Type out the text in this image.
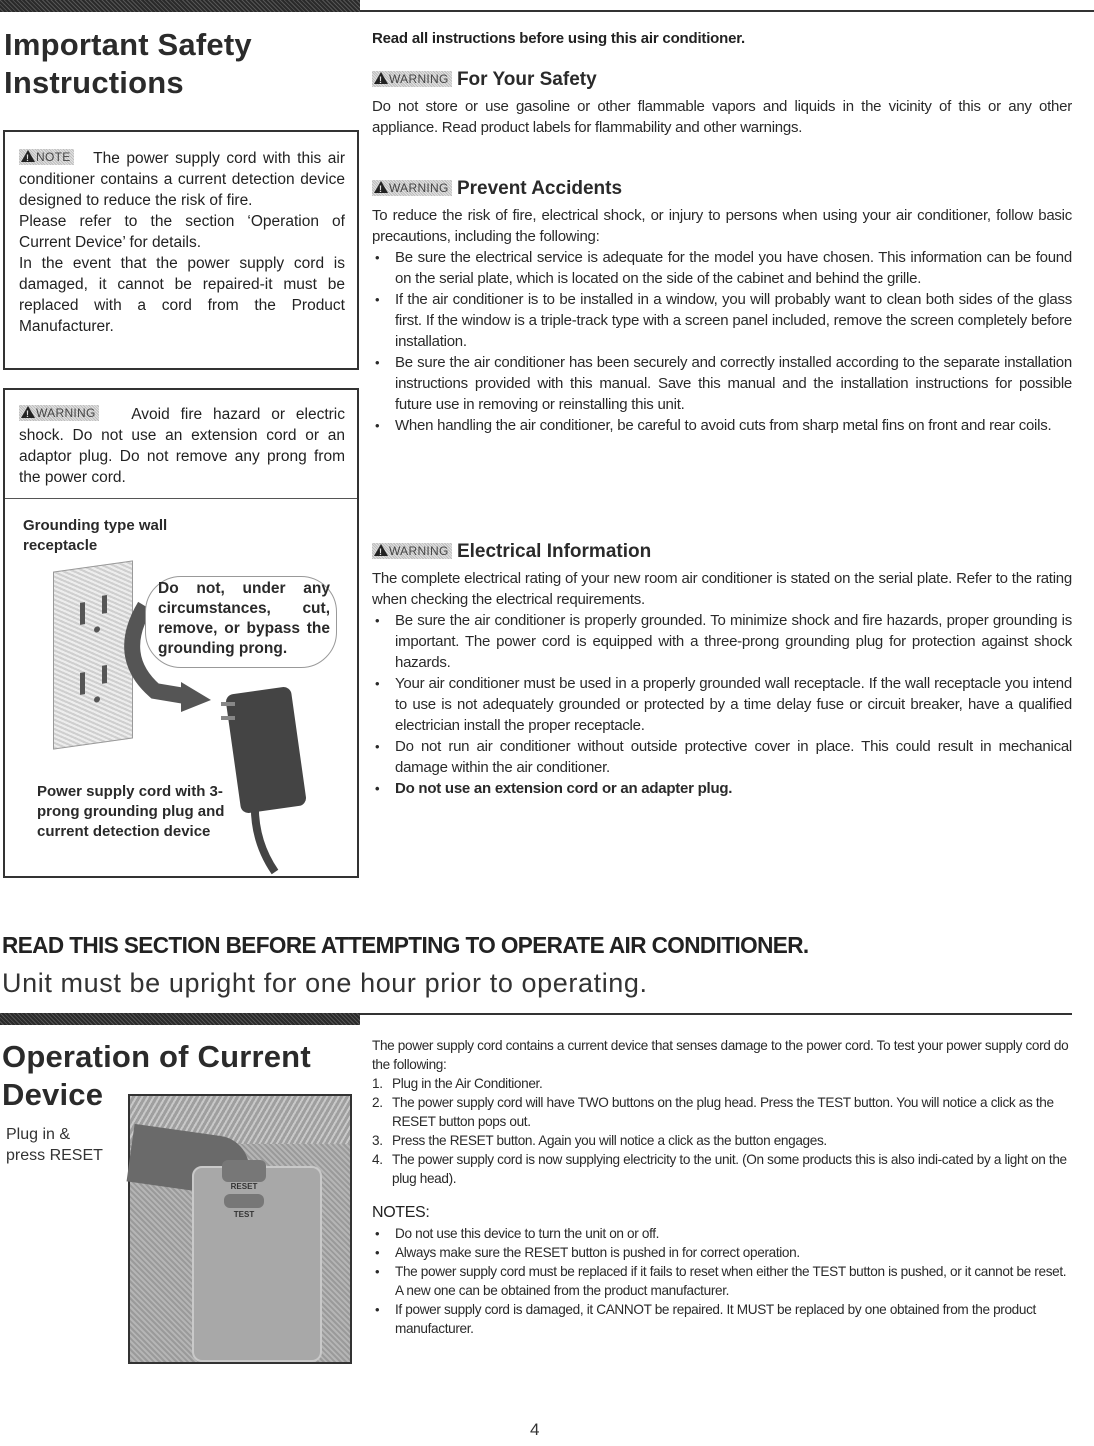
Important Safety
Instructions

!NOTE The power supply cord with this air conditioner contains a current detection device designed to reduce the risk of fire.

Please refer to the section ‘Operation of Current Device’ for details.

In the event that the power supply cord is damaged, it cannot be repaired-it must be replaced with a cord from the Product Manufacturer.

!WARNING Avoid fire hazard or electric shock. Do not use an extension cord or an adaptor plug. Do not remove any prong from the power cord.

Grounding type wall receptacle
Do not, under any circumstances, cut, remove, or bypass the grounding prong.
Power supply cord with 3-prong grounding plug and current detection device
Read all instructions before using this air conditioner.
!WARNING For Your Safety

Do not store or use gasoline or other flammable vapors and liquids in the vicinity of this or any other appliance. Read product labels for flammability and other warnings.

!WARNING Prevent Accidents

To reduce the risk of fire, electrical shock, or injury to persons when using your air conditioner, follow basic precautions, including the following:

• Be sure the electrical service is adequate for the model you have chosen. This information can be found on the serial plate, which is located on the side of the cabinet and behind the grille.
• If the air conditioner is to be installed in a window, you will probably want to clean both sides of the glass first. If the window is a triple-track type with a screen panel included, remove the screen completely before installation.
• Be sure the air conditioner has been securely and correctly installed according to the separate installation instructions provided with this manual. Save this manual and the installation instructions for possible future use in removing or reinstalling this unit.
• When handling the air conditioner, be careful to avoid cuts from sharp metal fins on front and rear coils.
!WARNING Electrical Information

The complete electrical rating of your new room air conditioner is stated on the serial plate. Refer to the rating when checking the electrical requirements.

• Be sure the air conditioner is properly grounded. To minimize shock and fire hazards, proper grounding is important. The power cord is equipped with a three-prong grounding plug for protection against shock hazards.
• Your air conditioner must be used in a properly grounded wall receptacle. If the wall receptacle you intend to use is not adequately grounded or protected by a time delay fuse or circuit breaker, have a qualified electrician install the proper receptacle.
• Do not run air conditioner without outside protective cover in place. This could result in mechanical damage within the air conditioner.
• Do not use an extension cord or an adapter plug.
READ THIS SECTION BEFORE ATTEMPTING TO OPERATE AIR CONDITIONER.
Unit must be upright for one hour prior to operating.
Operation of Current
Device
Plug in &
press RESET
RESET
TEST

The power supply cord contains a current device that senses damage to the power cord. To test your power supply cord do the following:

1. Plug in the Air Conditioner.
2. The power supply cord will have TWO buttons on the plug head. Press the TEST button. You will notice a click as the RESET button pops out.
3. Press the RESET button. Again you will notice a click as the button engages.
4. The power supply cord is now supplying electricity to the unit. (On some products this is also indi-cated by a light on the plug head).
NOTES:
• Do not use this device to turn the unit on or off.
• Always make sure the RESET button is pushed in for correct operation.
• The power supply cord must be replaced if it fails to reset when either the TEST button is pushed, or it cannot be reset. A new one can be obtained from the product manufacturer.
• If power supply cord is damaged, it CANNOT be repaired. It MUST be replaced by one obtained from the product manufacturer.
4
